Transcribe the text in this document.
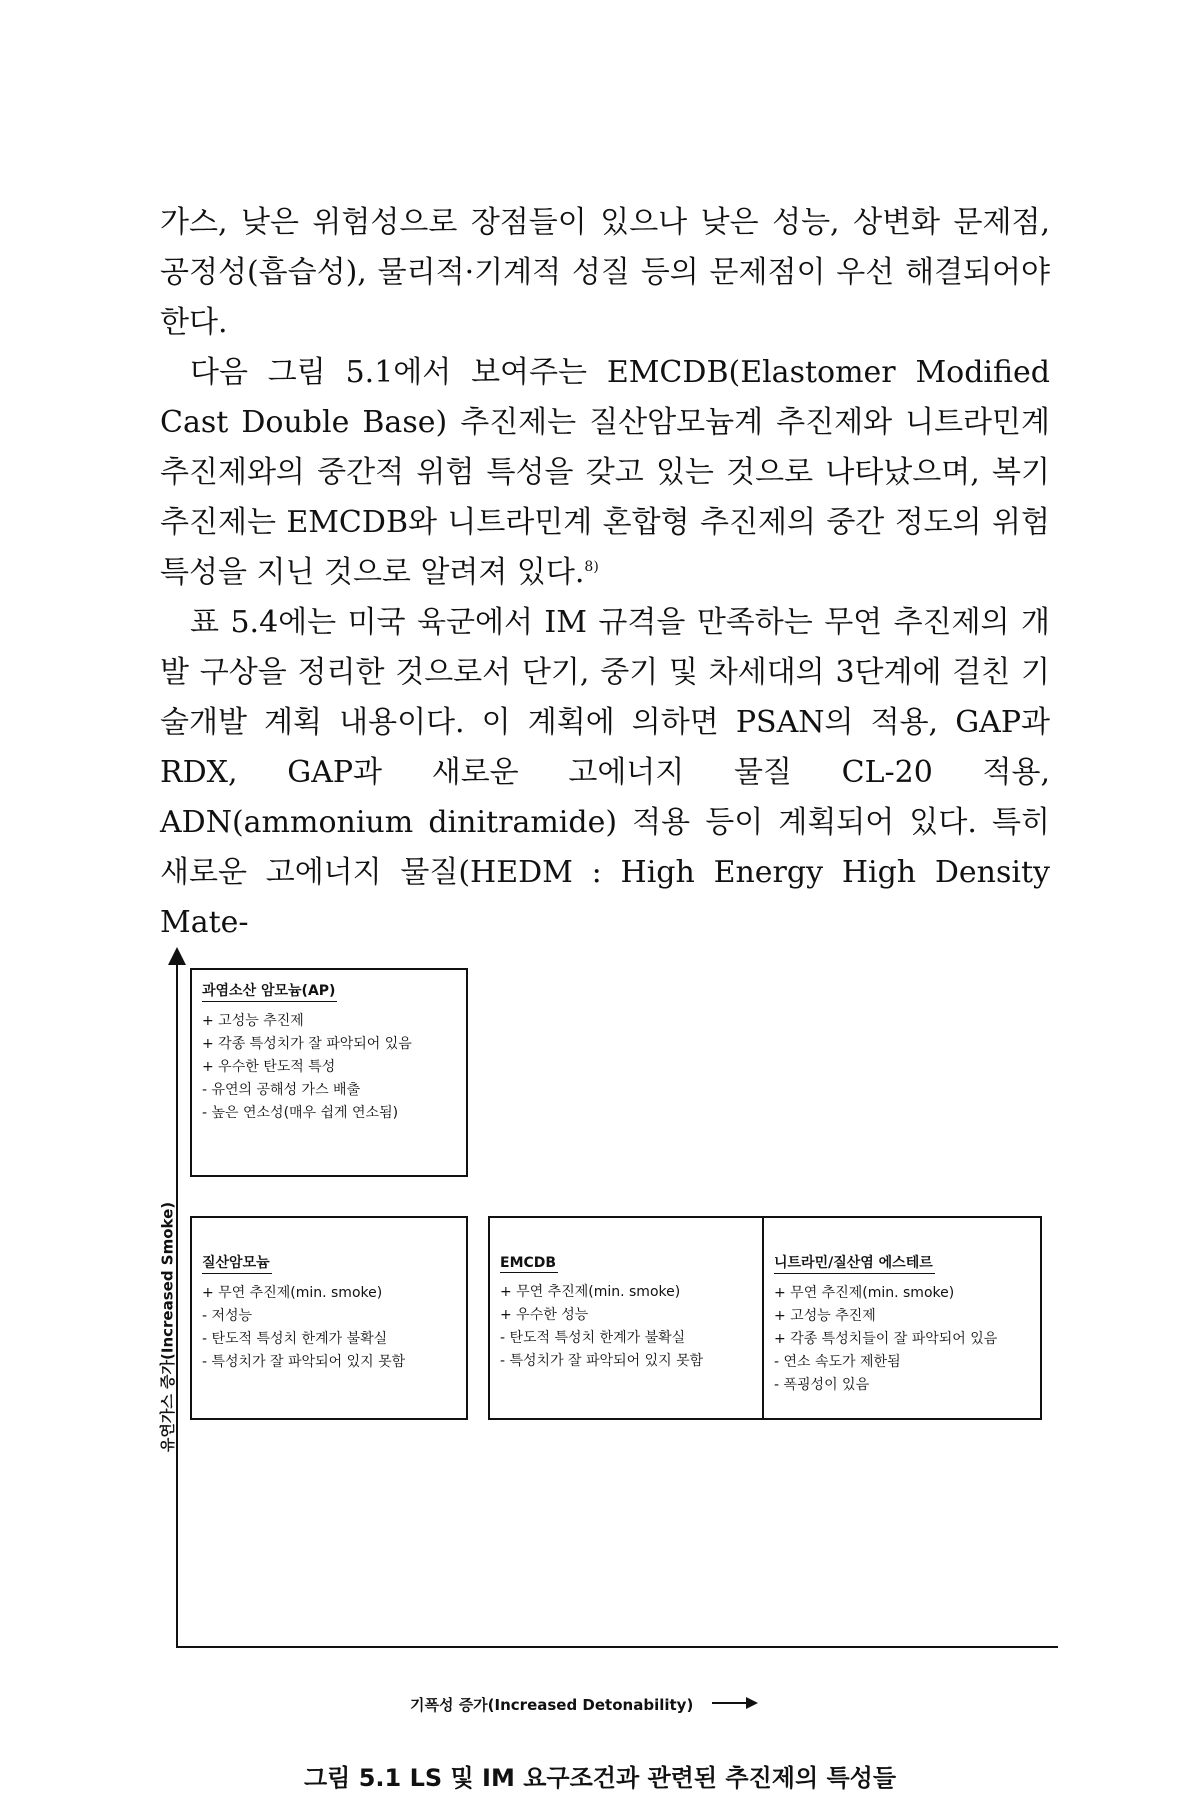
가스, 낮은 위험성으로 장점들이 있으나 낮은 성능, 상변화 문제점, 공정성(흡습성), 물리적·기계적 성질 등의 문제점이 우선 해결되어야 한다.
다음 그림 5.1에서 보여주는 EMCDB(Elastomer Modified Cast Double Base) 추진제는 질산암모늄계 추진제와 니트라민계 추진제와의 중간적 위험 특성을 갖고 있는 것으로 나타났으며, 복기 추진제는 EMCDB와 니트라민계 혼합형 추진제의 중간 정도의 위험 특성을 지닌 것으로 알려져 있다.$^{8)}$
표 5.4에는 미국 육군에서 IM 규격을 만족하는 무연 추진제의 개발 구상을 정리한 것으로서 단기, 중기 및 차세대의 3단계에 걸친 기술개발 계획 내용이다. 이 계획에 의하면 PSAN의 적용, GAP과 RDX, GAP과 새로운 고에너지 물질 CL-20 적용, ADN(ammonium dinitramide) 적용 등이 계획되어 있다. 특히 새로운 고에너지 물질(HEDM : High Energy High Density Mate-
유연가스 증가(Increased Smoke)
과염소산 암모늄(AP)
+ 고성능 추진제
+ 각종 특성치가 잘 파악되어 있음
+ 우수한 탄도적 특성
- 유연의 공해성 가스 배출
- 높은 연소성(매우 쉽게 연소됨)
질산암모늄
+ 무연 추진제(min. smoke)
- 저성능
- 탄도적 특성치 한계가 불확실
- 특성치가 잘 파악되어 있지 못함
EMCDB
+ 무연 추진제(min. smoke)
+ 우수한 성능
- 탄도적 특성치 한계가 불확실
- 특성치가 잘 파악되어 있지 못함
니트라민/질산염 에스테르
+ 무연 추진제(min. smoke)
+ 고성능 추진제
+ 각종 특성치들이 잘 파악되어 있음
- 연소 속도가 제한됨
- 폭굉성이 있음
기폭성 증가(Increased Detonability)
그림 5.1 LS 및 IM 요구조건과 관련된 추진제의 특성들
